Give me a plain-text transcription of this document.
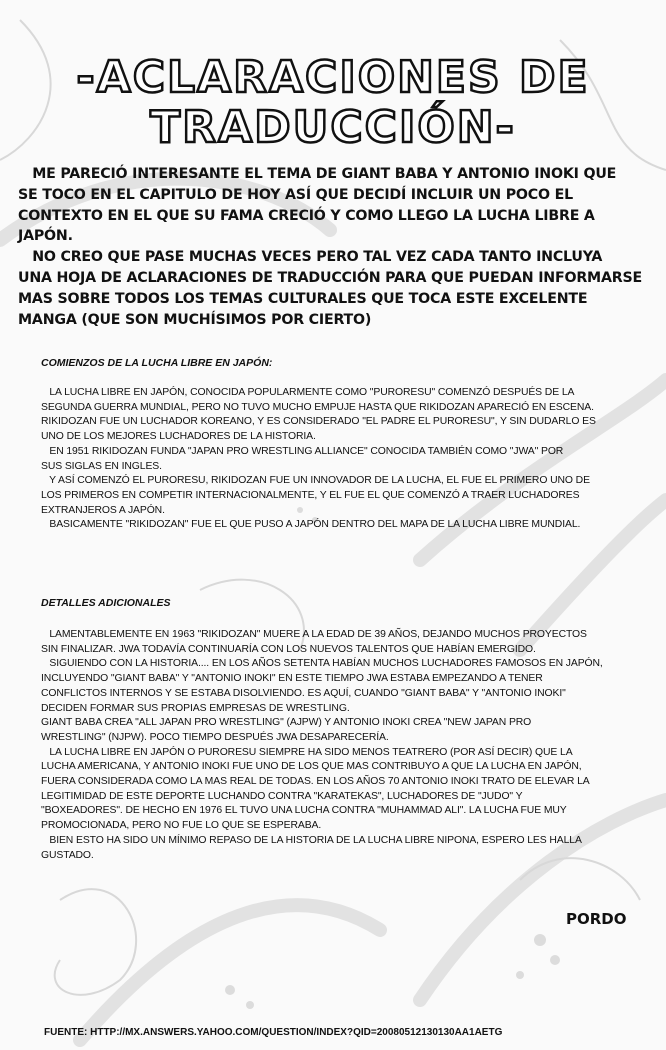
-ACLARACIONES DE
TRADUCCIÓN-
ME PARECIÓ INTERESANTE EL TEMA DE GIANT BABA Y ANTONIO INOKI QUE
SE TOCO EN EL CAPITULO DE HOY ASÍ QUE DECIDÍ INCLUIR UN POCO EL
CONTEXTO EN EL QUE SU FAMA CRECIÓ Y COMO LLEGO LA LUCHA LIBRE A
JAPÓN.
NO CREO QUE PASE MUCHAS VECES PERO TAL VEZ CADA TANTO INCLUYA
UNA HOJA DE ACLARACIONES DE TRADUCCIÓN PARA QUE PUEDAN INFORMARSE
MAS SOBRE TODOS LOS TEMAS CULTURALES QUE TOCA ESTE EXCELENTE
MANGA (QUE SON MUCHÍSIMOS POR CIERTO)
COMIENZOS DE LA LUCHA LIBRE EN JAPÓN:
LA LUCHA LIBRE EN JAPÓN, CONOCIDA POPULARMENTE COMO "PURORESU" COMENZÓ DESPUÉS DE LA
SEGUNDA GUERRA MUNDIAL, PERO NO TUVO MUCHO EMPUJE HASTA QUE RIKIDOZAN APARECIÓ EN ESCENA.
RIKIDOZAN FUE UN LUCHADOR KOREANO, Y ES CONSIDERADO "EL PADRE EL PURORESU", Y SIN DUDARLO ES
UNO DE LOS MEJORES LUCHADORES DE LA HISTORIA.
EN 1951 RIKIDOZAN FUNDA "JAPAN PRO WRESTLING ALLIANCE" CONOCIDA TAMBIÉN COMO "JWA" POR
SUS SIGLAS EN INGLES.
Y ASÍ COMENZÓ EL PURORESU, RIKIDOZAN FUE UN INNOVADOR DE LA LUCHA, EL FUE EL PRIMERO UNO DE
LOS PRIMEROS EN COMPETIR INTERNACIONALMENTE, Y EL FUE EL QUE COMENZÓ A TRAER LUCHADORES
EXTRANJEROS A JAPÓN.
BASICAMENTE "RIKIDOZAN" FUE EL QUE PUSO A JAPÓN DENTRO DEL MAPA DE LA LUCHA LIBRE MUNDIAL.
DETALLES ADICIONALES
LAMENTABLEMENTE EN 1963 "RIKIDOZAN" MUERE A LA EDAD DE 39 AÑOS, DEJANDO MUCHOS PROYECTOS
SIN FINALIZAR. JWA TODAVÍA CONTINUARÍA CON LOS NUEVOS TALENTOS QUE HABÍAN EMERGIDO.
SIGUIENDO CON LA HISTORIA.... EN LOS AÑOS SETENTA HABÍAN MUCHOS LUCHADORES FAMOSOS EN JAPÓN,
INCLUYENDO "GIANT BABA" Y "ANTONIO INOKI" EN ESTE TIEMPO JWA ESTABA EMPEZANDO A TENER
CONFLICTOS INTERNOS Y SE ESTABA DISOLVIENDO. ES AQUÍ, CUANDO "GIANT BABA" Y "ANTONIO INOKI"
DECIDEN FORMAR SUS PROPIAS EMPRESAS DE WRESTLING.
GIANT BABA CREA "ALL JAPAN PRO WRESTLING" (AJPW) Y ANTONIO INOKI CREA "NEW JAPAN PRO
WRESTLING" (NJPW). POCO TIEMPO DESPUÉS JWA DESAPARECERÍA.
LA LUCHA LIBRE EN JAPÓN O PURORESU SIEMPRE HA SIDO MENOS TEATRERO (POR ASÍ DECIR) QUE LA
LUCHA AMERICANA, Y ANTONIO INOKI FUE UNO DE LOS QUE MAS CONTRIBUYO A QUE LA LUCHA EN JAPÓN,
FUERA CONSIDERADA COMO LA MAS REAL DE TODAS. EN LOS AÑOS 70 ANTONIO INOKI TRATO DE ELEVAR LA
LEGITIMIDAD DE ESTE DEPORTE LUCHANDO CONTRA "KARATEKAS", LUCHADORES DE "JUDO" Y
"BOXEADORES". DE HECHO EN 1976 EL TUVO UNA LUCHA CONTRA "MUHAMMAD ALI". LA LUCHA FUE MUY
PROMOCIONADA, PERO NO FUE LO QUE SE ESPERABA.
BIEN ESTO HA SIDO UN MÍNIMO REPASO DE LA HISTORIA DE LA LUCHA LIBRE NIPONA, ESPERO LES HALLA
GUSTADO.
PORDO
FUENTE: HTTP://MX.ANSWERS.YAHOO.COM/QUESTION/INDEX?QID=20080512130130AA1AETG
